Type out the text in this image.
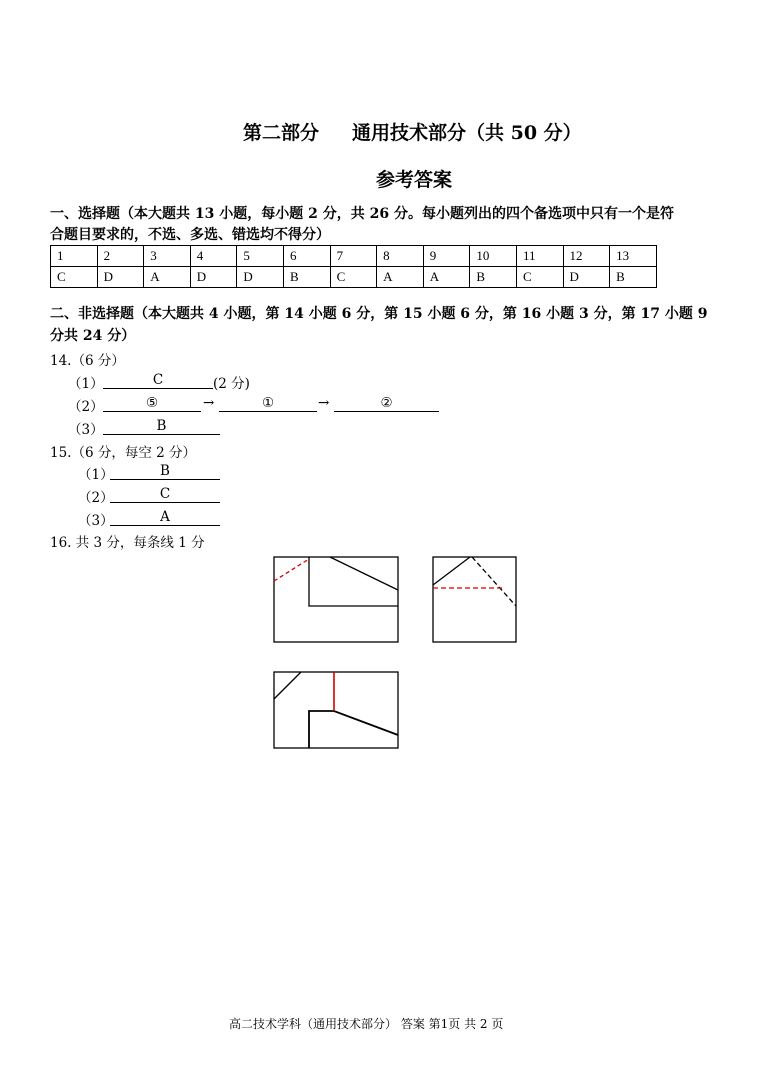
第二部分 通用技术部分（共 50 分）
参考答案
一、选择题（本大题共 13 小题，每小题 2 分，共 26 分。每小题列出的四个备选项中只有一个是符
合题目要求的，不选、多选、错选均不得分）
1	2	3	4	5	6	7	8	9	10	11	12	13
C	D	A	D	D	B	C	A	A	B	C	D	B
二、非选择题（本大题共 4 小题，第 14 小题 6 分，第 15 小题 6 分，第 16 小题 3 分，第 17 小题 9
分共 24 分）
14.（6 分）
（1）	C	(2 分)
（2）	⑤	→	①	→	②
（3）	B
15.（6 分，每空 2 分）
（1）	B
（2）	C
（3）	A
16. 共 3 分，每条线 1 分
高二技术学科（通用技术部分） 答案 第1页 共 2 页
